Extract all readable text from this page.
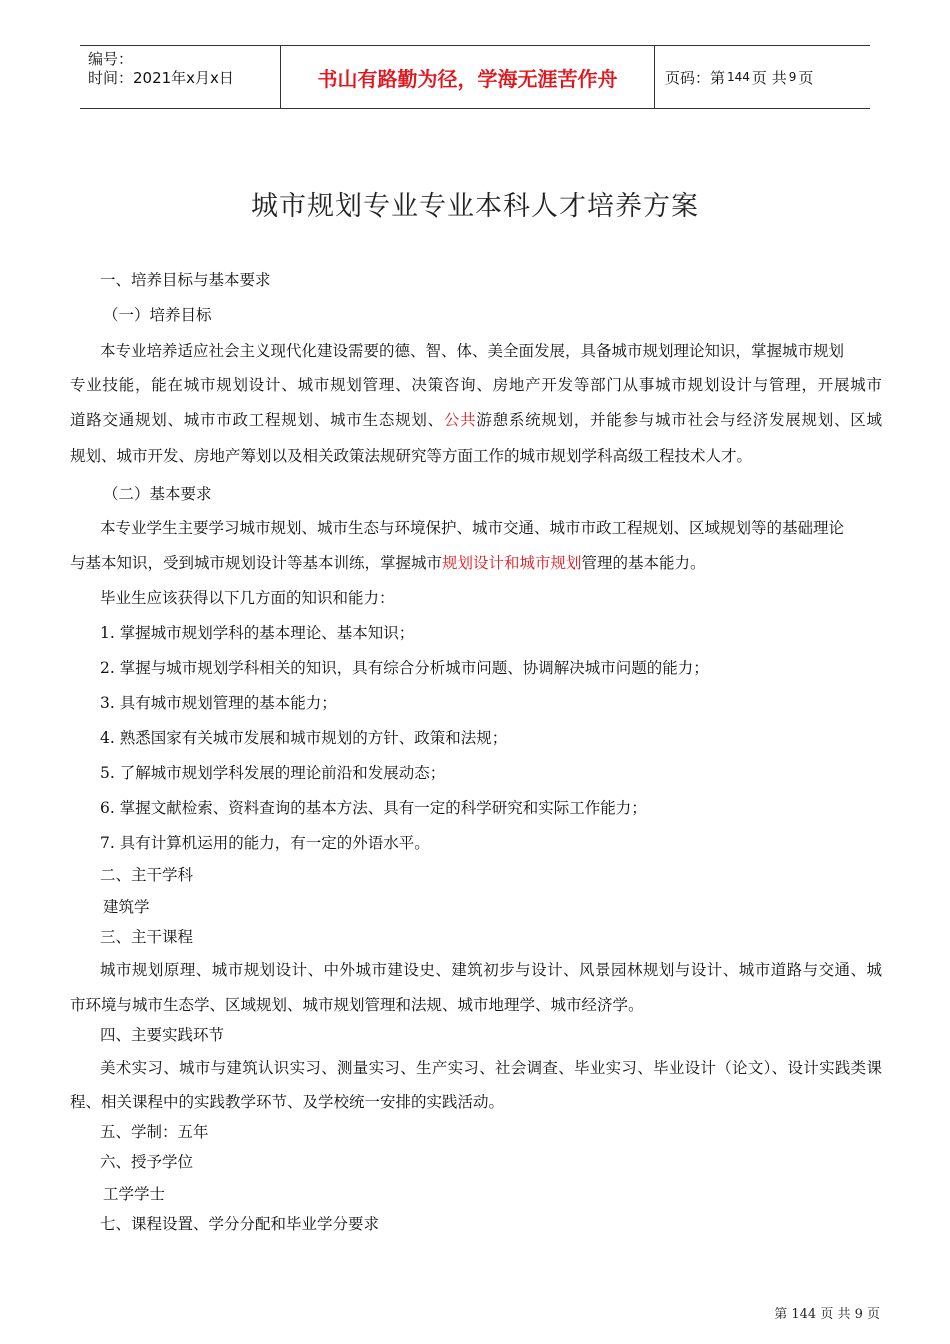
编号：
时间：2021年x月x日	书山有路勤为径，学海无涯苦作舟	页码：第 144 页 共 9 页
城市规划专业专业本科人才培养方案
一、培养目标与基本要求
（一）培养目标
本专业培养适应社会主义现代化建设需要的德、智、体、美全面发展，具备城市规划理论知识，掌握城市规划
专业技能，能在城市规划设计、城市规划管理、决策咨询、房地产开发等部门从事城市规划设计与管理，开展城市
道路交通规划、城市市政工程规划、城市生态规划、公共游憩系统规划，并能参与城市社会与经济发展规划、区域
规划、城市开发、房地产筹划以及相关政策法规研究等方面工作的城市规划学科高级工程技术人才。
（二）基本要求
本专业学生主要学习城市规划、城市生态与环境保护、城市交通、城市市政工程规划、区域规划等的基础理论
与基本知识，受到城市规划设计等基本训练，掌握城市规划设计和城市规划管理的基本能力。
毕业生应该获得以下几方面的知识和能力：
1. 掌握城市规划学科的基本理论、基本知识；
2. 掌握与城市规划学科相关的知识，具有综合分析城市问题、协调解决城市问题的能力；
3. 具有城市规划管理的基本能力；
4. 熟悉国家有关城市发展和城市规划的方针、政策和法规；
5. 了解城市规划学科发展的理论前沿和发展动态；
6. 掌握文献检索、资料查询的基本方法、具有一定的科学研究和实际工作能力；
7. 具有计算机运用的能力，有一定的外语水平。
二、主干学科
建筑学
三、主干课程
城市规划原理、城市规划设计、中外城市建设史、建筑初步与设计、风景园林规划与设计、城市道路与交通、城
市环境与城市生态学、区域规划、城市规划管理和法规、城市地理学、城市经济学。
四、主要实践环节
美术实习、城市与建筑认识实习、测量实习、生产实习、社会调查、毕业实习、毕业设计（论文）、设计实践类课
程、相关课程中的实践教学环节、及学校统一安排的实践活动。
五、学制：五年
六、授予学位
工学学士
七、课程设置、学分分配和毕业学分要求
第 144 页 共 9 页
